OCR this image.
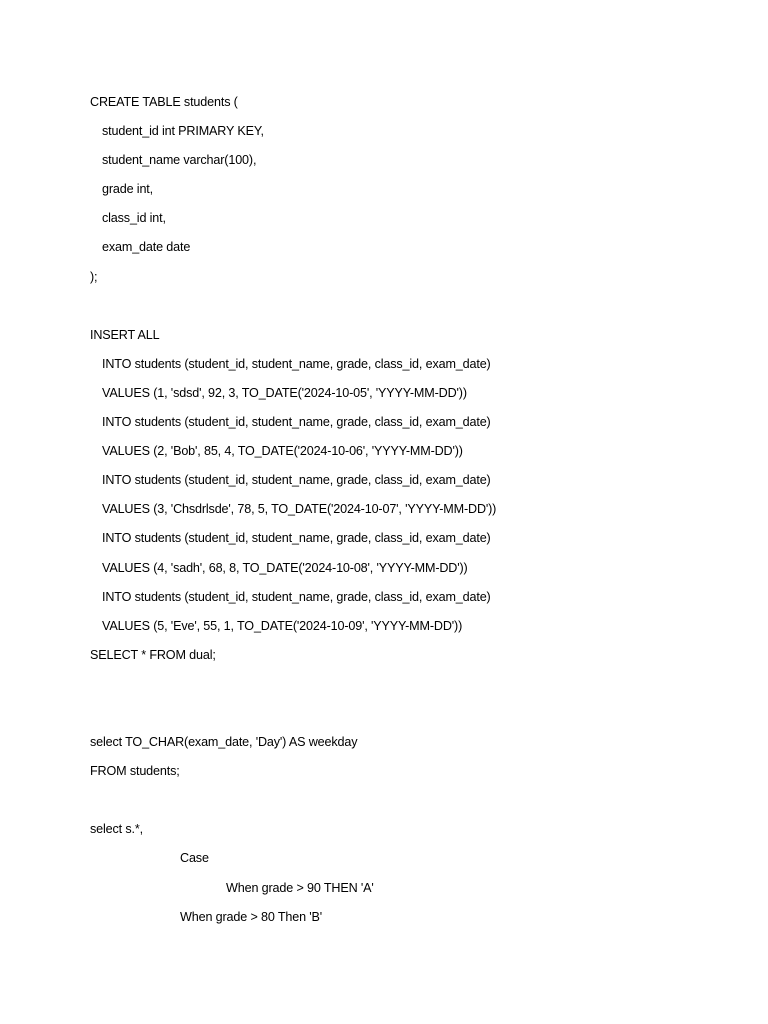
CREATE TABLE students (
student_id int PRIMARY KEY,
student_name varchar(100),
grade int,
class_id int,
exam_date date
);
INSERT ALL
INTO students (student_id, student_name, grade, class_id, exam_date)
VALUES (1, 'sdsd', 92, 3, TO_DATE('2024-10-05', 'YYYY-MM-DD'))
INTO students (student_id, student_name, grade, class_id, exam_date)
VALUES (2, 'Bob', 85, 4, TO_DATE('2024-10-06', 'YYYY-MM-DD'))
INTO students (student_id, student_name, grade, class_id, exam_date)
VALUES (3, 'Chsdrlsde', 78, 5, TO_DATE('2024-10-07', 'YYYY-MM-DD'))
INTO students (student_id, student_name, grade, class_id, exam_date)
VALUES (4, 'sadh', 68, 8, TO_DATE('2024-10-08', 'YYYY-MM-DD'))
INTO students (student_id, student_name, grade, class_id, exam_date)
VALUES (5, 'Eve', 55, 1, TO_DATE('2024-10-09', 'YYYY-MM-DD'))
SELECT * FROM dual;
select TO_CHAR(exam_date, 'Day') AS weekday
FROM students;
select s.*,
Case
When grade > 90 THEN 'A'
When grade > 80 Then 'B'
